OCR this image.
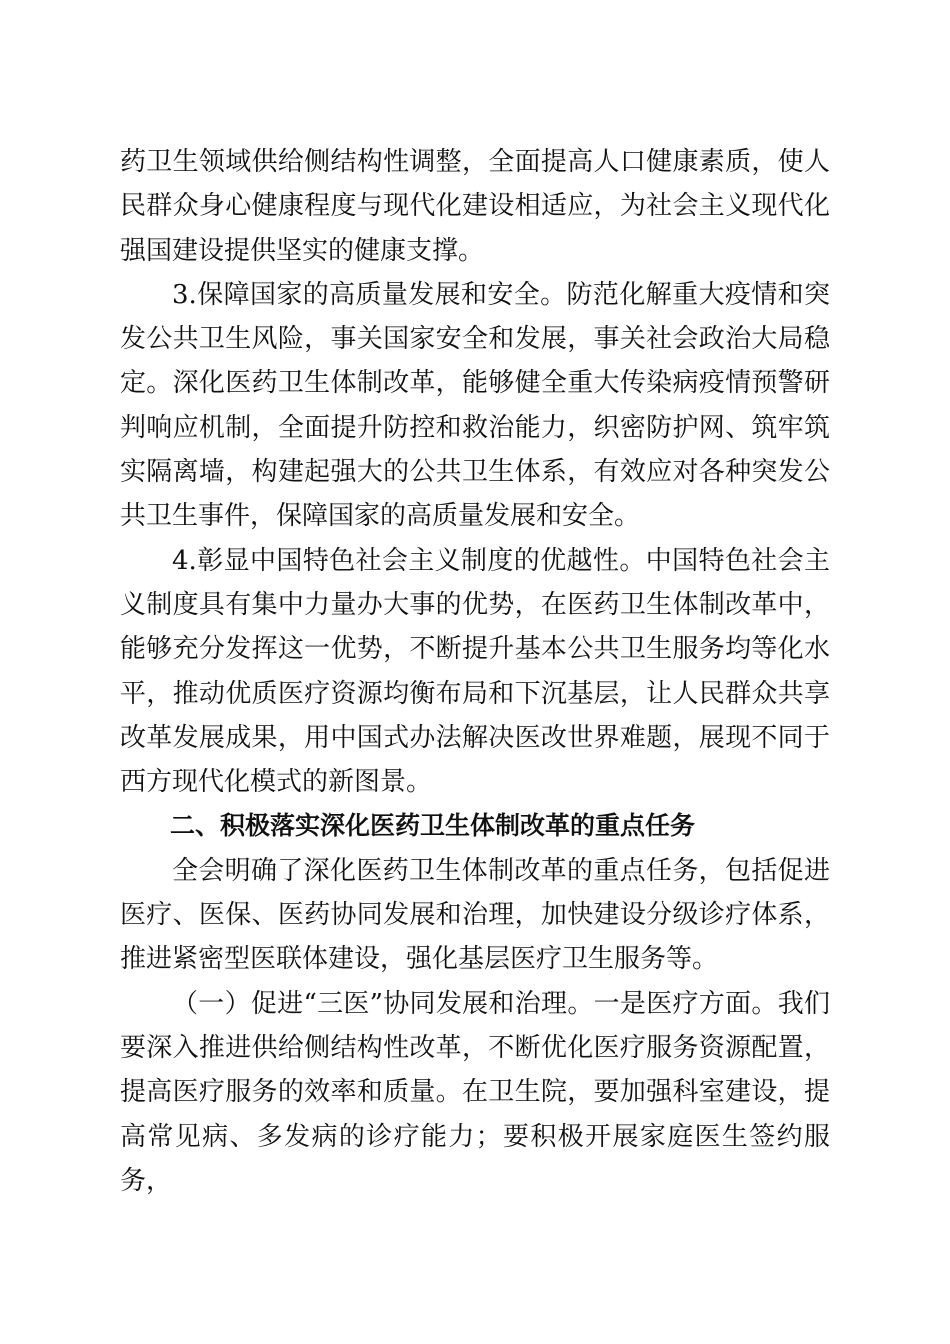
药卫生领域供给侧结构性调整，全面提高人口健康素质，使人民群众身心健康程度与现代化建设相适应，为社会主义现代化强国建设提供坚实的健康支撑。

3.保障国家的高质量发展和安全。防范化解重大疫情和突发公共卫生风险，事关国家安全和发展，事关社会政治大局稳定。深化医药卫生体制改革，能够健全重大传染病疫情预警研判响应机制，全面提升防控和救治能力，织密防护网、筑牢筑实隔离墙，构建起强大的公共卫生体系，有效应对各种突发公共卫生事件，保障国家的高质量发展和安全。

4.彰显中国特色社会主义制度的优越性。中国特色社会主义制度具有集中力量办大事的优势，在医药卫生体制改革中，能够充分发挥这一优势，不断提升基本公共卫生服务均等化水平，推动优质医疗资源均衡布局和下沉基层，让人民群众共享改革发展成果，用中国式办法解决医改世界难题，展现不同于西方现代化模式的新图景。

二、积极落实深化医药卫生体制改革的重点任务

全会明确了深化医药卫生体制改革的重点任务，包括促进医疗、医保、医药协同发展和治理，加快建设分级诊疗体系，推进紧密型医联体建设，强化基层医疗卫生服务等。

（一）促进“三医”协同发展和治理。一是医疗方面。我们要深入推进供给侧结构性改革，不断优化医疗服务资源配置，提高医疗服务的效率和质量。在卫生院，要加强科室建设，提高常见病、多发病的诊疗能力；要积极开展家庭医生签约服务，
